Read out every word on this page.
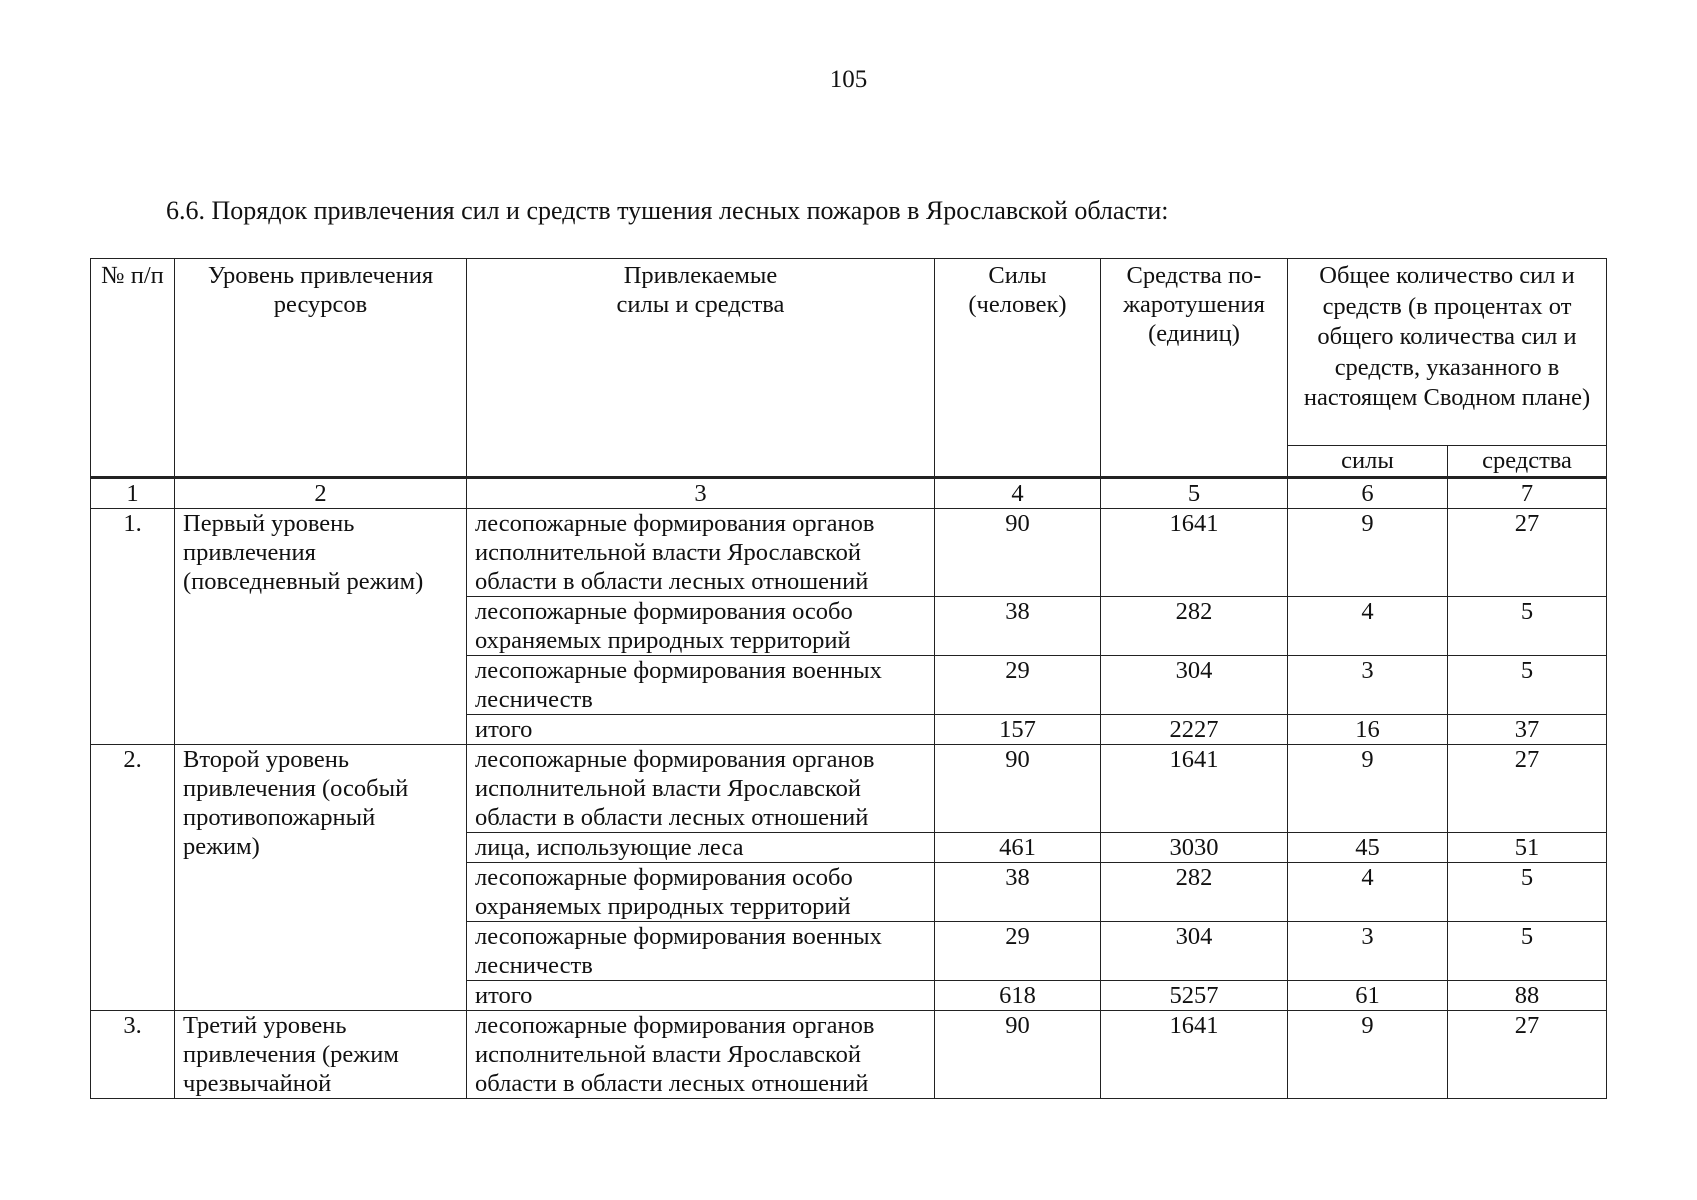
105
6.6. Порядок привлечения сил и средств тушения лесных пожаров в Ярославской области:
№ п/п	Уровень привлечения ресурсов	Привлекаемые силы и средства	Силы (человек)	Средства по-жаротушения (единиц)	Общее количество сил и средств (в процентах от общего количества сил и средств, указанного в настоящем Сводном плане)	
					силы	средства
1	2	3	4	5	6	7
1.	Первый уровень привлечения (повседневный режим)	лесопожарные формирования органов исполнительной власти Ярославской области в области лесных отношений	90	1641	9	27
		лесопожарные формирования особо охраняемых природных территорий	38	282	4	5
		лесопожарные формирования военных лесничеств	29	304	3	5
		итого	157	2227	16	37
2.	Второй уровень привлечения (особый противопожарный режим)	лесопожарные формирования органов исполнительной власти Ярославской области в области лесных отношений	90	1641	9	27
		лица, использующие леса	461	3030	45	51
		лесопожарные формирования особо охраняемых природных территорий	38	282	4	5
		лесопожарные формирования военных лесничеств	29	304	3	5
		итого	618	5257	61	88
3.	Третий уровень привлечения (режим чрезвычайной	лесопожарные формирования органов исполнительной власти Ярославской области в области лесных отношений	90	1641	9	27
